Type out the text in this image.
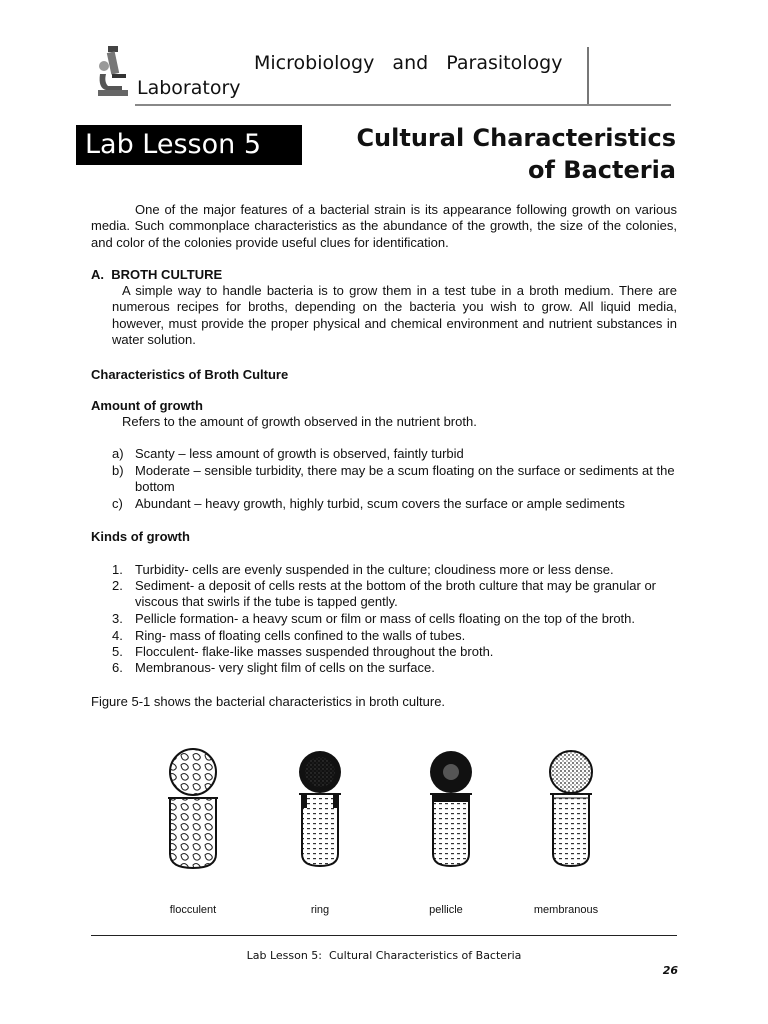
Microbiology   and   Parasitology
Laboratory
Lab Lesson 5	Cultural Characteristics
of Bacteria
One of the major features of a bacterial strain is its appearance following growth on various media. Such commonplace characteristics as the abundance of the growth, the size of the colonies, and color of the colonies provide useful clues for identification.
A.  BROTH CULTURE
A simple way to handle bacteria is to grow them in a test tube in a broth medium. There are numerous recipes for broths, depending on the bacteria you wish to grow. All liquid media, however, must provide the proper physical and chemical environment and nutrient substances in water solution.
Characteristics of Broth Culture
Amount of growth
Refers to the amount of growth observed in the nutrient broth.
a) Scanty – less amount of growth is observed, faintly turbid
b) Moderate – sensible turbidity, there may be a scum floating on the surface or sediments at the bottom
c) Abundant – heavy growth, highly turbid, scum covers the surface or ample sediments
Kinds of growth
1. Turbidity- cells are evenly suspended in the culture; cloudiness more or less dense.
2. Sediment- a deposit of cells rests at the bottom of the broth culture that may be granular or viscous that swirls if the tube is tapped gently.
3. Pellicle formation- a heavy scum or film or mass of cells floating on the top of the broth.
4. Ring- mass of floating cells confined to the walls of tubes.
5. Flocculent- flake-like masses suspended throughout the broth.
6. Membranous- very slight film of cells on the surface.
Figure 5-1 shows the bacterial characteristics in broth culture.
flocculent	ring	pellicle	membranous
Lab Lesson 5:  Cultural Characteristics of Bacteria
26
